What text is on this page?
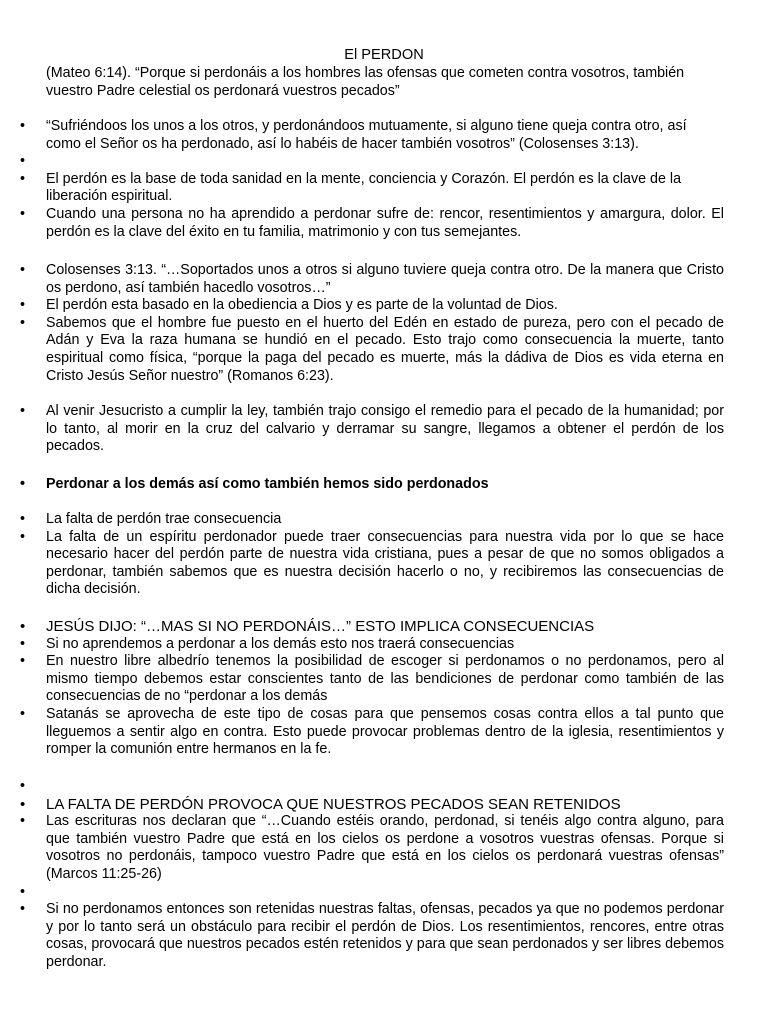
El PERDON

(Mateo 6:14). “Porque si perdonáis a los hombres las ofensas que cometen contra vosotros, también vuestro Padre celestial os perdonará vuestros pecados”

• “Sufriéndoos los unos a los otros, y perdonándoos mutuamente, si alguno tiene queja contra otro, así como el Señor os ha perdonado, así lo habéis de hacer también vosotros” (Colosenses 3:13).
•
• El perdón es la base de toda sanidad en la mente, conciencia y Corazón. El perdón es la clave de la liberación espiritual.
• Cuando una persona no ha aprendido a perdonar sufre de: rencor, resentimientos y amargura, dolor. El perdón es la clave del éxito en tu familia, matrimonio y con tus semejantes.
• Colosenses 3:13. “…Soportados unos a otros si alguno tuviere queja contra otro. De la manera que Cristo os perdono, así también hacedlo vosotros…”
• El perdón esta basado en la obediencia a Dios y es parte de la voluntad de Dios.
• Sabemos que el hombre fue puesto en el huerto del Edén en estado de pureza, pero con el pecado de Adán y Eva la raza humana se hundió en el pecado. Esto trajo como consecuencia la muerte, tanto espiritual como física, “porque la paga del pecado es muerte, más la dádiva de Dios es vida eterna en Cristo Jesús Señor nuestro” (Romanos 6:23).
• Al venir Jesucristo a cumplir la ley, también trajo consigo el remedio para el pecado de la humanidad; por lo tanto, al morir en la cruz del calvario y derramar su sangre, llegamos a obtener el perdón de los pecados.
• Perdonar a los demás así como también hemos sido perdonados
• La falta de perdón trae consecuencia
• La falta de un espíritu perdonador puede traer consecuencias para nuestra vida por lo que se hace necesario hacer del perdón parte de nuestra vida cristiana, pues a pesar de que no somos obligados a perdonar, también sabemos que es nuestra decisión hacerlo o no, y recibiremos las consecuencias de dicha decisión.
• JESÚS DIJO: “…MAS SI NO PERDONÁIS…” ESTO IMPLICA CONSECUENCIAS
• Si no aprendemos a perdonar a los demás esto nos traerá consecuencias
• En nuestro libre albedrío tenemos la posibilidad de escoger si perdonamos o no perdonamos, pero al mismo tiempo debemos estar conscientes tanto de las bendiciones de perdonar como también de las consecuencias de no “perdonar a los demás
• Satanás se aprovecha de este tipo de cosas para que pensemos cosas contra ellos a tal punto que lleguemos a sentir algo en contra. Esto puede provocar problemas dentro de la iglesia, resentimientos y romper la comunión entre hermanos en la fe.
•
• LA FALTA DE PERDÓN PROVOCA QUE NUESTROS PECADOS SEAN RETENIDOS
• Las escrituras nos declaran que “…Cuando estéis orando, perdonad, si tenéis algo contra alguno, para que también vuestro Padre que está en los cielos os perdone a vosotros vuestras ofensas. Porque si vosotros no perdonáis, tampoco vuestro Padre que está en los cielos os perdonará vuestras ofensas” (Marcos 11:25-26)
•
• Si no perdonamos entonces son retenidas nuestras faltas, ofensas, pecados ya que no podemos perdonar y por lo tanto será un obstáculo para recibir el perdón de Dios. Los resentimientos, rencores, entre otras cosas, provocará que nuestros pecados estén retenidos y para que sean perdonados y ser libres debemos perdonar.
